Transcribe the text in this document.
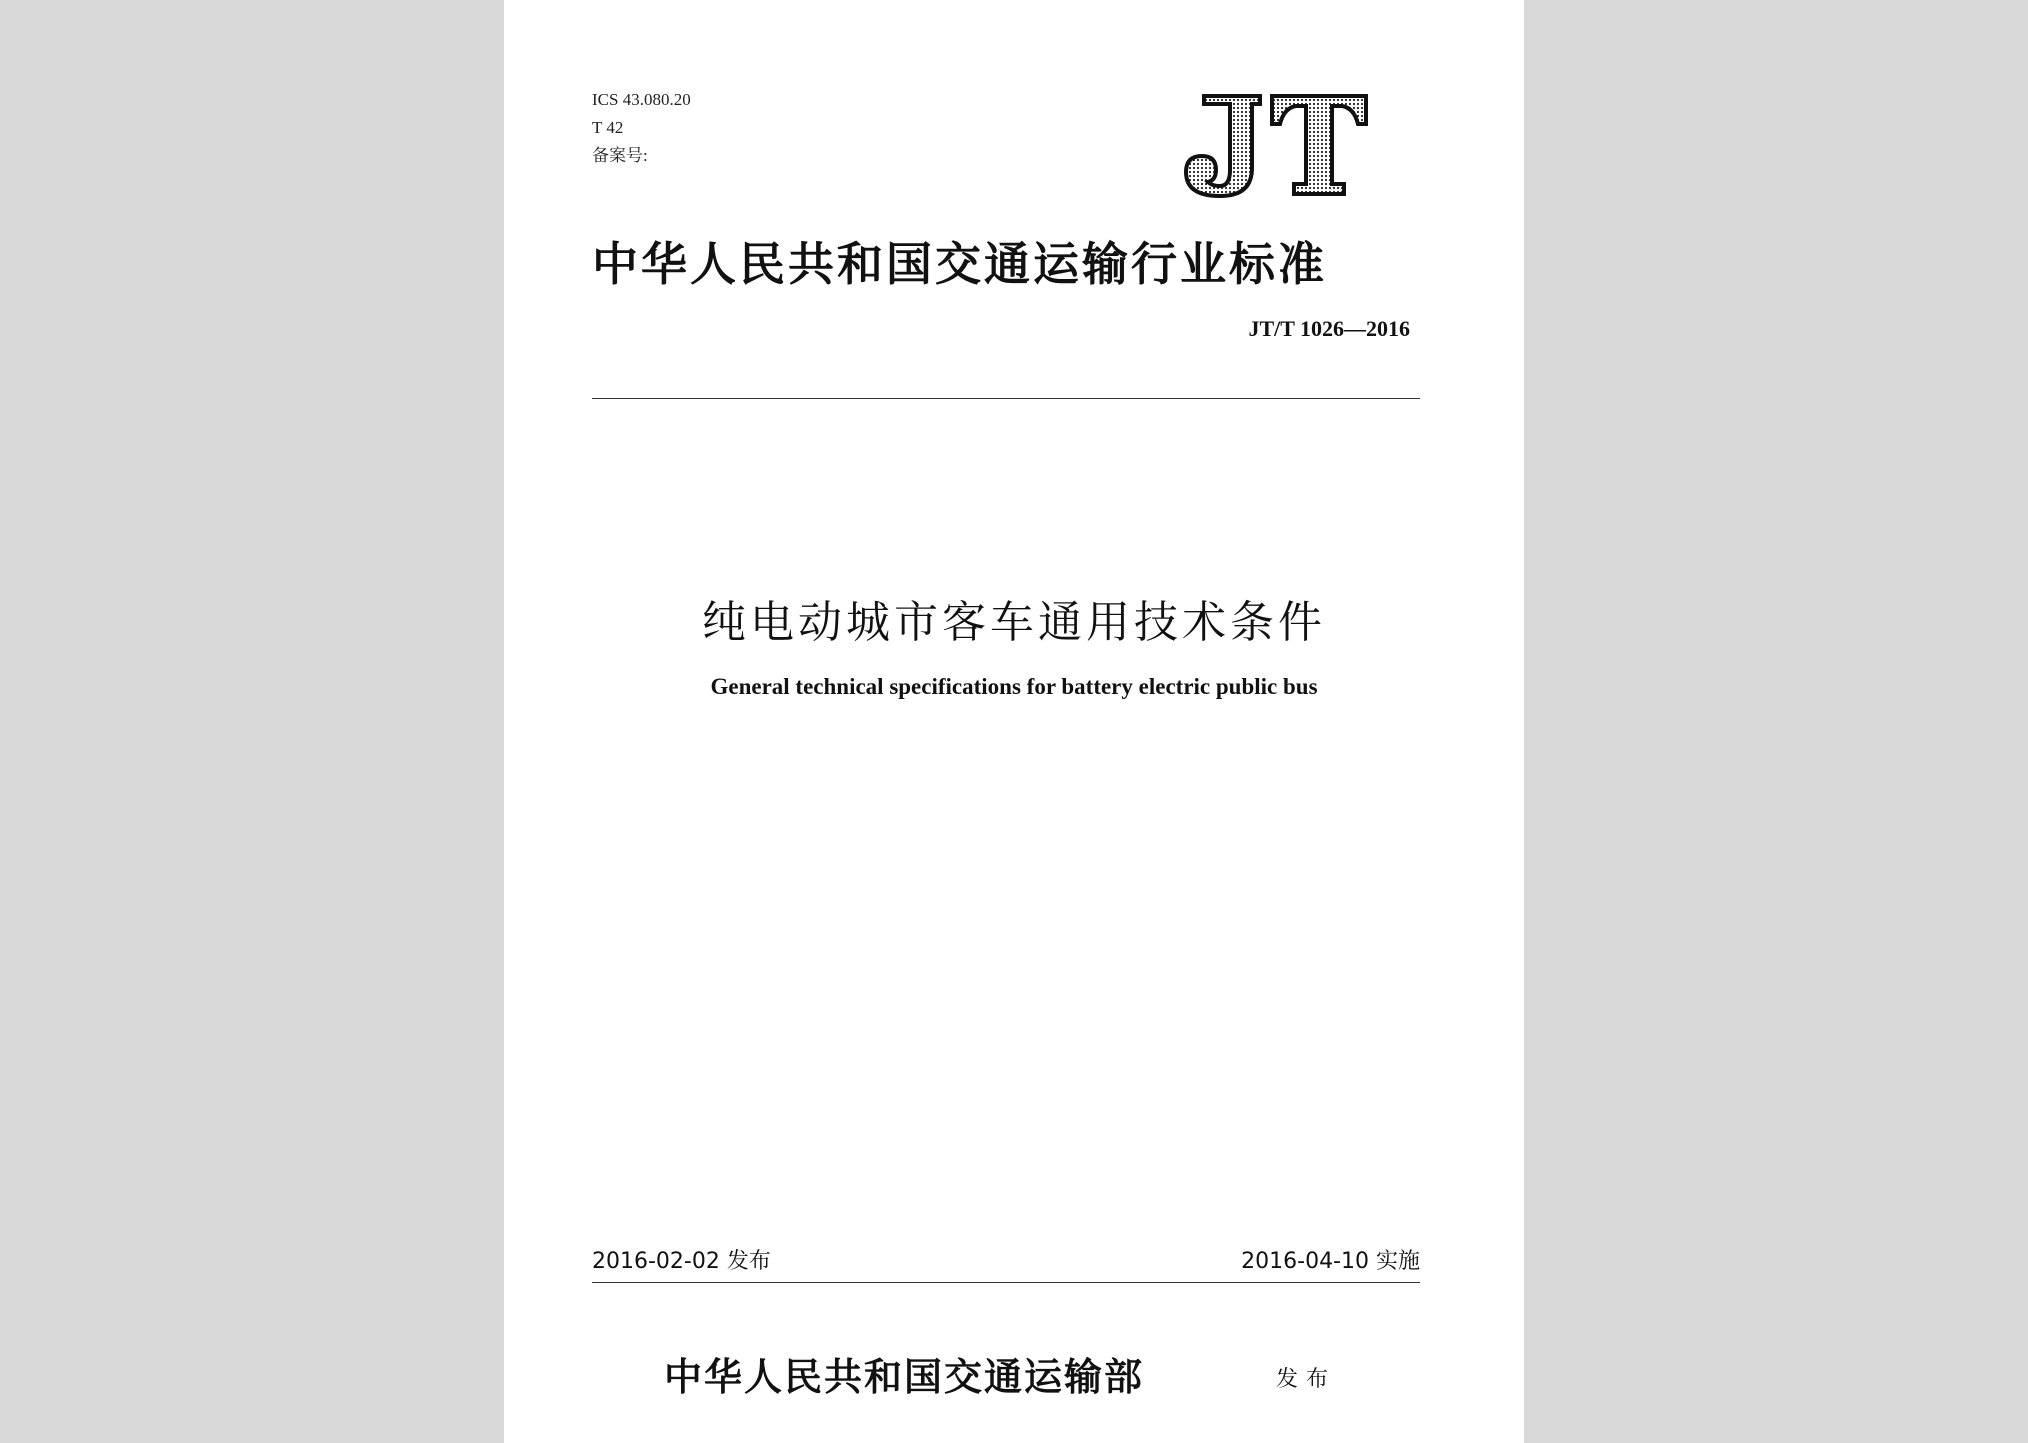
ICS 43.080.20
T 42
备案号:
中华人民共和国交通运输行业标准
JT/T 1026—2016
纯电动城市客车通用技术条件
General technical specifications for battery electric public bus
2016-02-02 发布	2016-04-10 实施
中华人民共和国交通运输部	发布
